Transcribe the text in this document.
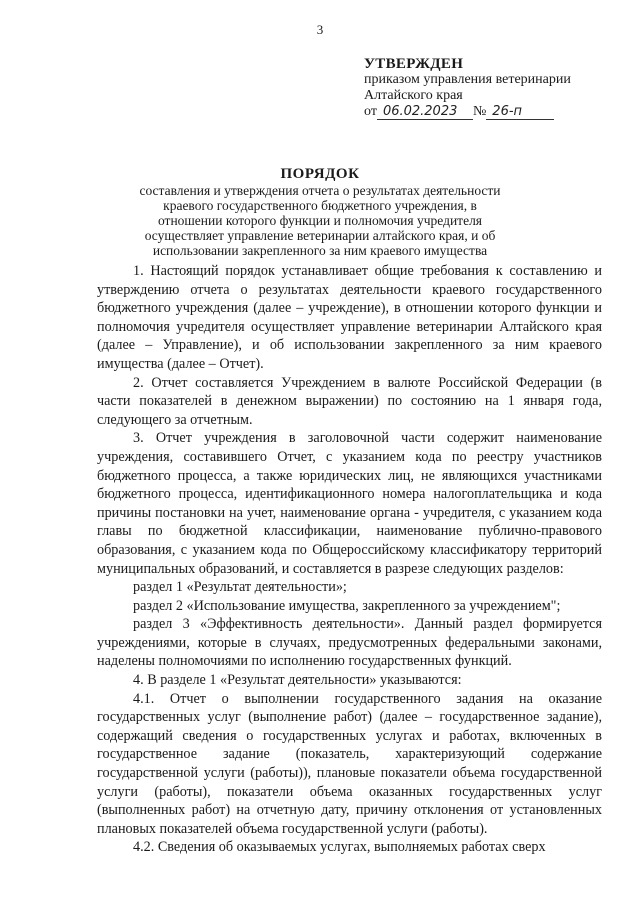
3
УТВЕРЖДЕН
приказом управления ветеринарии
Алтайского края
от 06.02.2023	№ 26-п
ПОРЯДОК
составления и утверждения отчета о результатах деятельности краевого государственного бюджетного учреждения, в отношении которого функции и полномочия учредителя осуществляет управление ветеринарии алтайского края, и об использовании закрепленного за ним краевого имущества

1. Настоящий порядок устанавливает общие требования к составлению и утверждению отчета о результатах деятельности краевого государственного бюджетного учреждения (далее – учреждение), в отношении которого функции и полномочия учредителя осуществляет управление ветеринарии Алтайского края (далее – Управление), и об использовании закрепленного за ним краевого имущества (далее – Отчет).

2. Отчет составляется Учреждением в валюте Российской Федерации (в части показателей в денежном выражении) по состоянию на 1 января года, следующего за отчетным.

3. Отчет учреждения в заголовочной части содержит наименование учреждения, составившего Отчет, с указанием кода по реестру участников бюджетного процесса, а также юридических лиц, не являющихся участниками бюджетного процесса, идентификационного номера налогоплательщика и кода причины постановки на учет, наименование органа - учредителя, с указанием кода главы по бюджетной классификации, наименование публично-правового образования, с указанием кода по Общероссийскому классификатору территорий муниципальных образований, и составляется в разрезе следующих разделов:

раздел 1 «Результат деятельности»;

раздел 2 «Использование имущества, закрепленного за учреждением";

раздел 3 «Эффективность деятельности». Данный раздел формируется учреждениями, которые в случаях, предусмотренных федеральными законами, наделены полномочиями по исполнению государственных функций.

4. В разделе 1 «Результат деятельности» указываются:

4.1. Отчет о выполнении государственного задания на оказание государственных услуг (выполнение работ) (далее – государственное задание), содержащий сведения о государственных услугах и работах, включенных в государственное задание (показатель, характеризующий содержание государственной услуги (работы)), плановые показатели объема государственной услуги (работы), показатели объема оказанных государственных услуг (выполненных работ) на отчетную дату, причину отклонения от установленных плановых показателей объема государственной услуги (работы).

4.2. Сведения об оказываемых услугах, выполняемых работах сверх
